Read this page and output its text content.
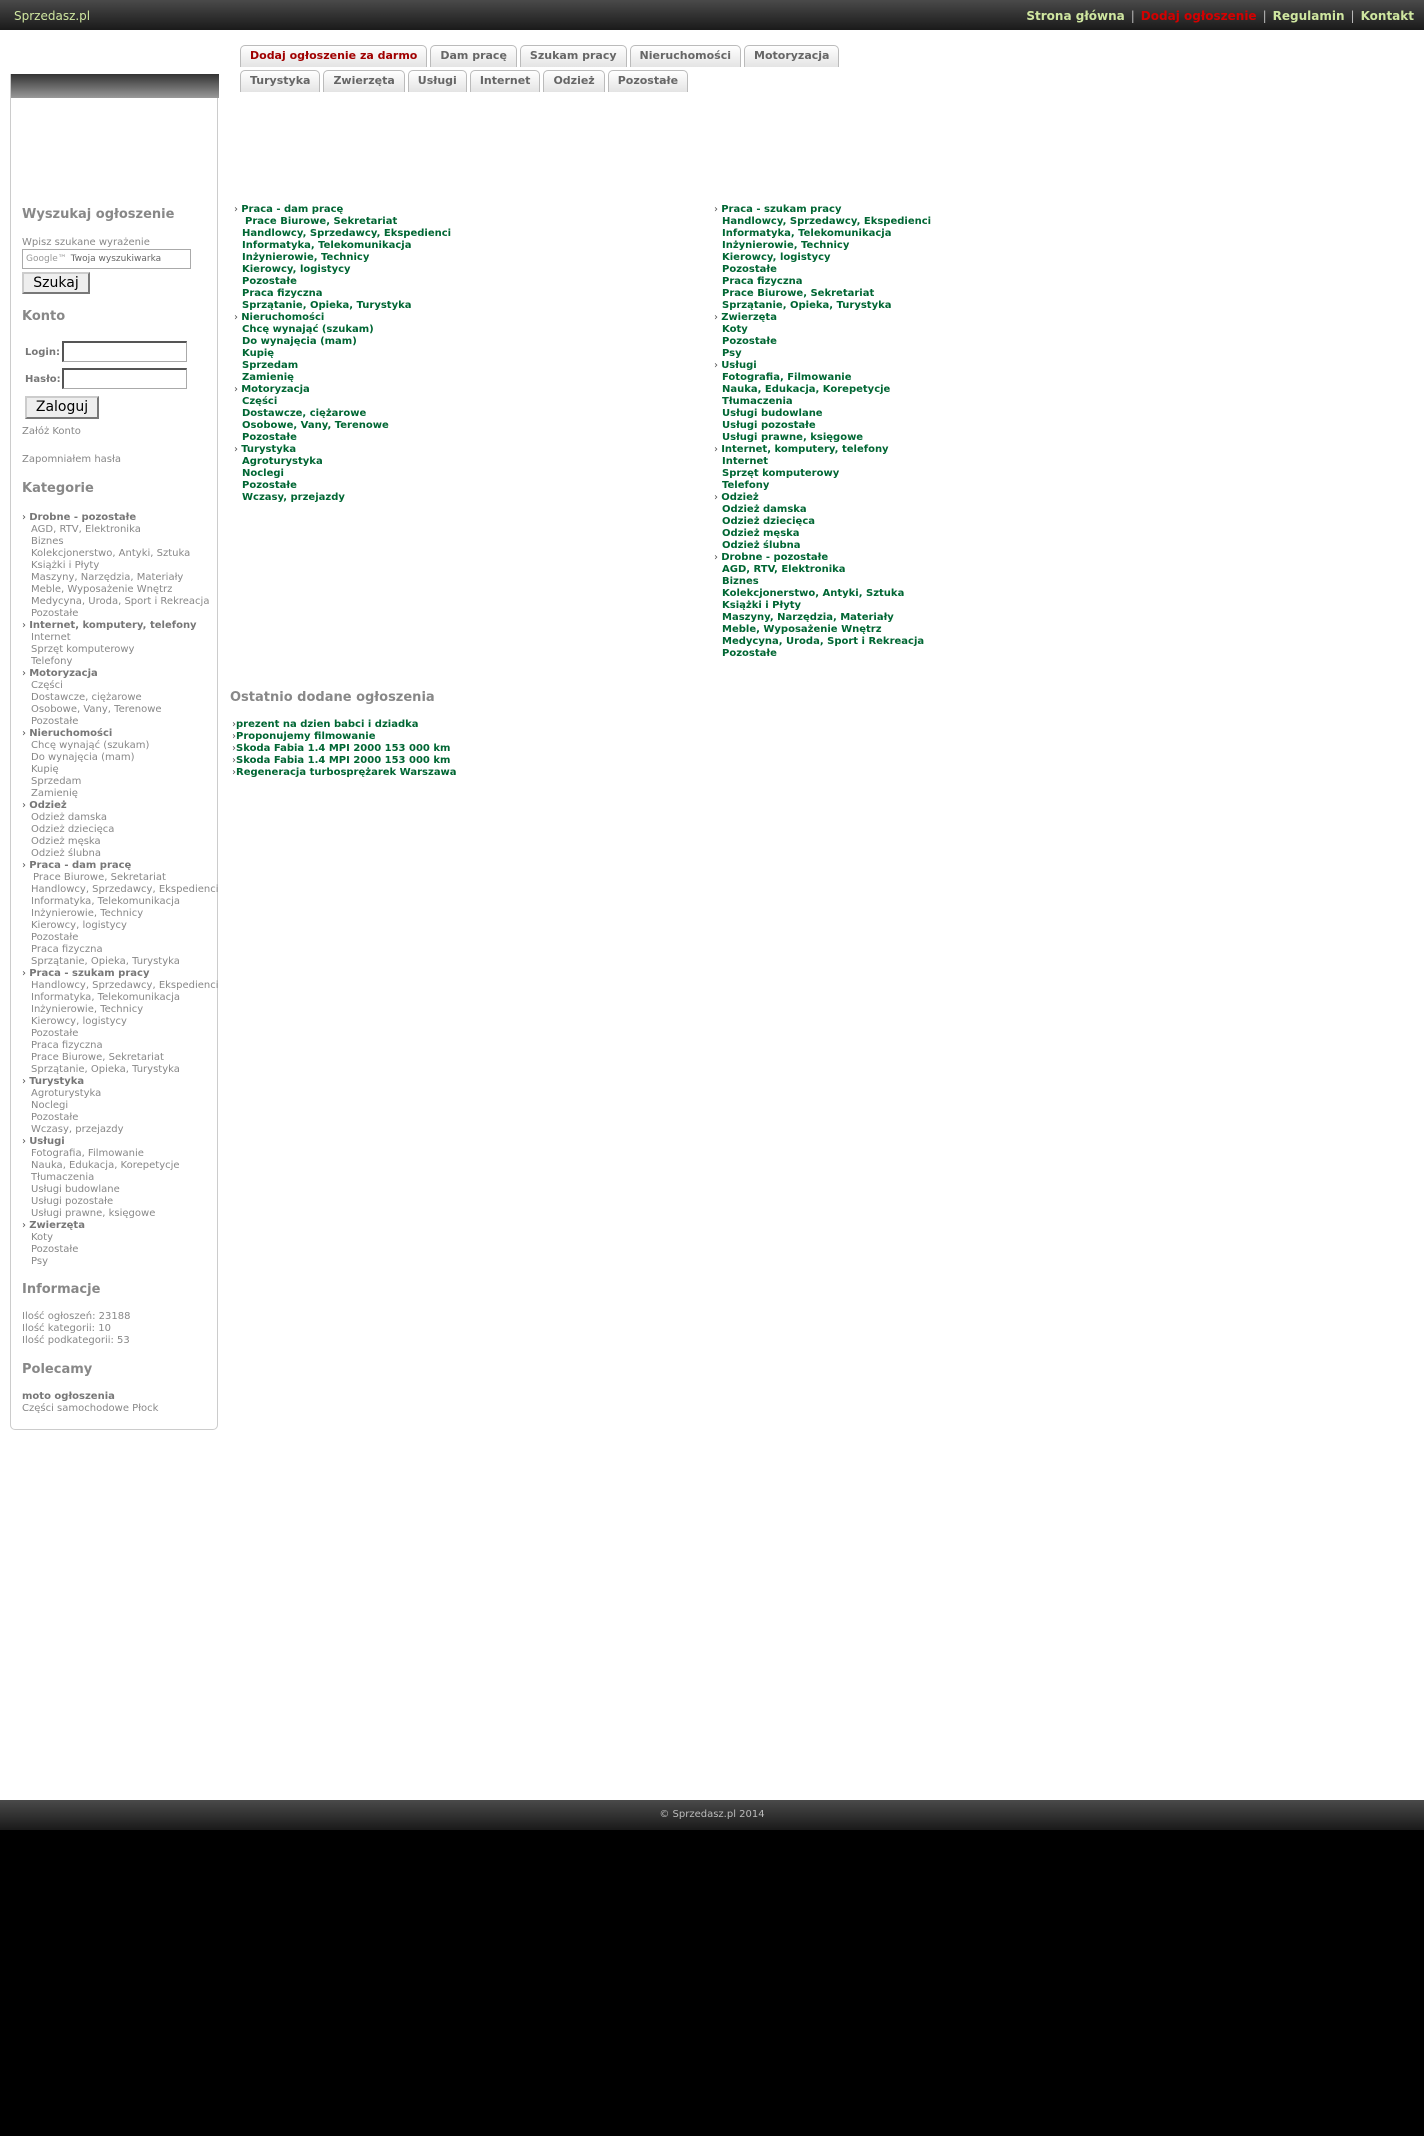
Sprzedasz.pl	Strona główna | Dodaj ogłoszenie | Regulamin | Kontakt
Dodaj ogłoszenie za darmo	Dam pracę	Szukam pracy	Nieruchomości	Motoryzacja
Turystyka	Zwierzęta	Usługi	Internet	Odzież	Pozostałe
Wyszukaj ogłoszenie
Wpisz szukane wyrażenie
Google™ Twoja wyszukiwarka
Szukaj
Konto
Login:
Hasło:
Zaloguj
Załóż Konto
Zapomniałem hasła
Kategorie
› Drobne - pozostałe
AGD, RTV, Elektronika
Biznes
Kolekcjonerstwo, Antyki, Sztuka
Książki i Płyty
Maszyny, Narzędzia, Materiały
Meble, Wyposażenie Wnętrz
Medycyna, Uroda, Sport i Rekreacja
Pozostałe
› Internet, komputery, telefony
Internet
Sprzęt komputerowy
Telefony
› Motoryzacja
Części
Dostawcze, ciężarowe
Osobowe, Vany, Terenowe
Pozostałe
› Nieruchomości
Chcę wynająć (szukam)
Do wynajęcia (mam)
Kupię
Sprzedam
Zamienię
› Odzież
Odzież damska
Odzież dziecięca
Odzież męska
Odzież ślubna
› Praca - dam pracę
Prace Biurowe, Sekretariat
Handlowcy, Sprzedawcy, Ekspedienci
Informatyka, Telekomunikacja
Inżynierowie, Technicy
Kierowcy, logistycy
Pozostałe
Praca fizyczna
Sprzątanie, Opieka, Turystyka
› Praca - szukam pracy
Handlowcy, Sprzedawcy, Ekspedienci
Informatyka, Telekomunikacja
Inżynierowie, Technicy
Kierowcy, logistycy
Pozostałe
Praca fizyczna
Prace Biurowe, Sekretariat
Sprzątanie, Opieka, Turystyka
› Turystyka
Agroturystyka
Noclegi
Pozostałe
Wczasy, przejazdy
› Usługi
Fotografia, Filmowanie
Nauka, Edukacja, Korepetycje
Tłumaczenia
Usługi budowlane
Usługi pozostałe
Usługi prawne, księgowe
› Zwierzęta
Koty
Pozostałe
Psy
Informacje
Ilość ogłoszeń: 23188
Ilość kategorii: 10
Ilość podkategorii: 53
Polecamy
moto ogłoszenia
Części samochodowe Płock
› Praca - dam pracę
Prace Biurowe, Sekretariat
Handlowcy, Sprzedawcy, Ekspedienci
Informatyka, Telekomunikacja
Inżynierowie, Technicy
Kierowcy, logistycy
Pozostałe
Praca fizyczna
Sprzątanie, Opieka, Turystyka
› Nieruchomości
Chcę wynająć (szukam)
Do wynajęcia (mam)
Kupię
Sprzedam
Zamienię
› Motoryzacja
Części
Dostawcze, ciężarowe
Osobowe, Vany, Terenowe
Pozostałe
› Turystyka
Agroturystyka
Noclegi
Pozostałe
Wczasy, przejazdy
› Praca - szukam pracy
Handlowcy, Sprzedawcy, Ekspedienci
Informatyka, Telekomunikacja
Inżynierowie, Technicy
Kierowcy, logistycy
Pozostałe
Praca fizyczna
Prace Biurowe, Sekretariat
Sprzątanie, Opieka, Turystyka
› Zwierzęta
Koty
Pozostałe
Psy
› Usługi
Fotografia, Filmowanie
Nauka, Edukacja, Korepetycje
Tłumaczenia
Usługi budowlane
Usługi pozostałe
Usługi prawne, księgowe
› Internet, komputery, telefony
Internet
Sprzęt komputerowy
Telefony
› Odzież
Odzież damska
Odzież dziecięca
Odzież męska
Odzież ślubna
› Drobne - pozostałe
AGD, RTV, Elektronika
Biznes
Kolekcjonerstwo, Antyki, Sztuka
Książki i Płyty
Maszyny, Narzędzia, Materiały
Meble, Wyposażenie Wnętrz
Medycyna, Uroda, Sport i Rekreacja
Pozostałe
Ostatnio dodane ogłoszenia
›prezent na dzien babci i dziadka
›Proponujemy filmowanie
›Skoda Fabia 1.4 MPI 2000 153 000 km
›Skoda Fabia 1.4 MPI 2000 153 000 km
›Regeneracja turbosprężarek Warszawa
© Sprzedasz.pl 2014
